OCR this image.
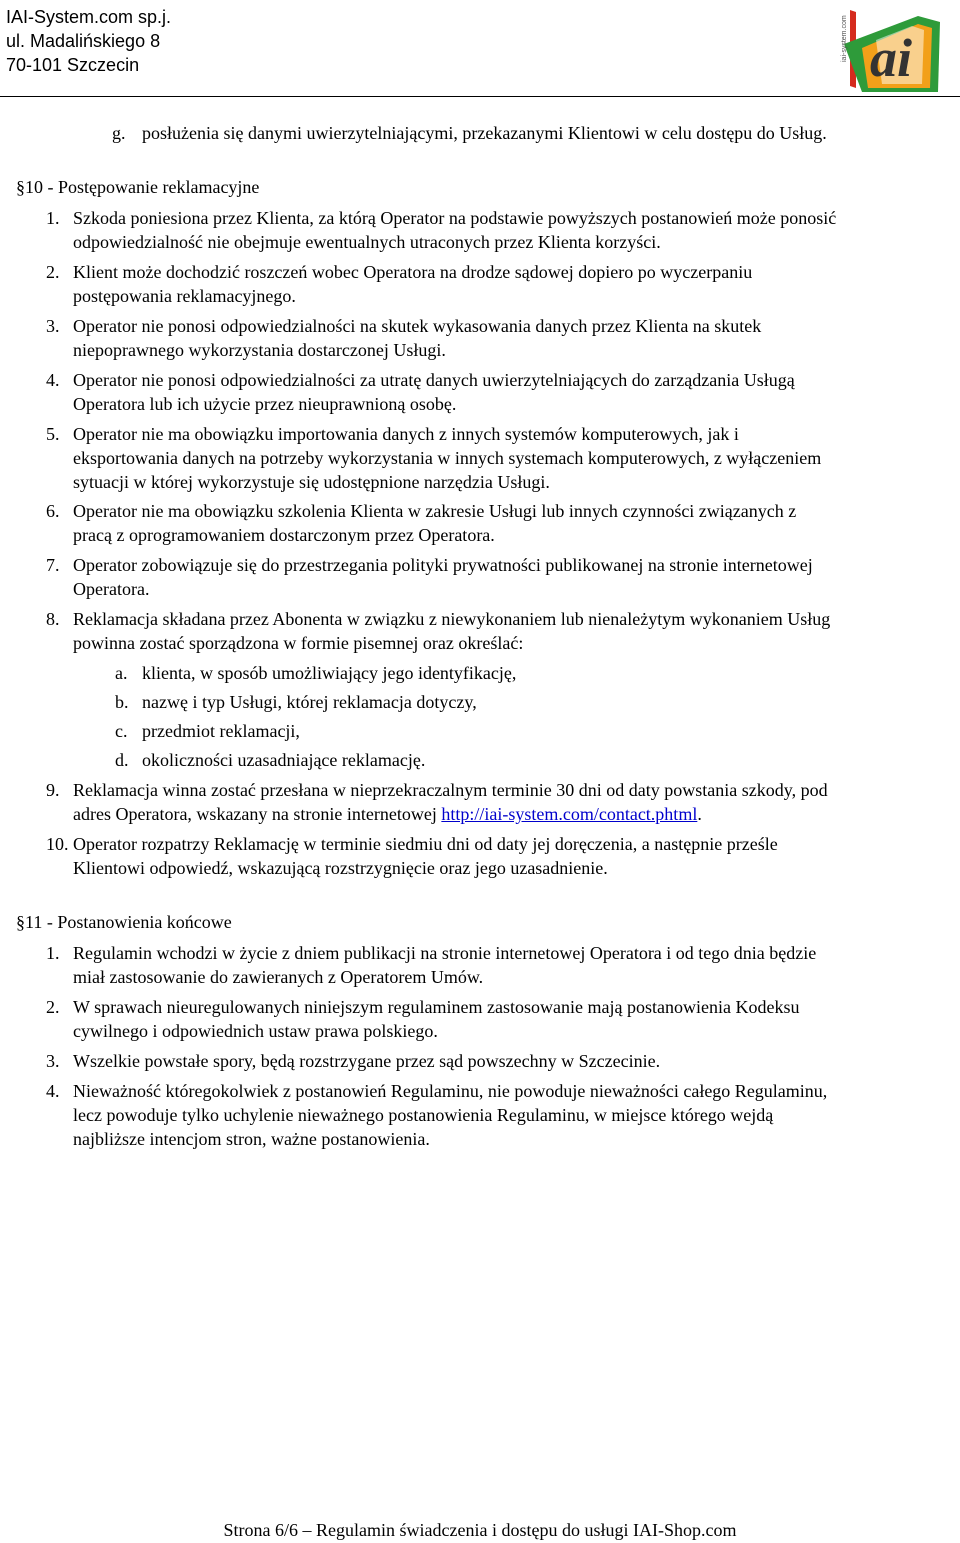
IAI-System.com sp.j.
ul. Madalińskiego 8
70-101 Szczecin	ai
iai-system.com
g. posłużenia się danymi uwierzytelniającymi, przekazanymi Klientowi w celu dostępu do Usług.
§10 - Postępowanie reklamacyjne
1. Szkoda poniesiona przez Klienta, za którą Operator na podstawie powyższych postanowień może ponosić
odpowiedzialność nie obejmuje ewentualnych utraconych przez Klienta korzyści.
2. Klient może dochodzić roszczeń wobec Operatora na drodze sądowej dopiero po wyczerpaniu
postępowania reklamacyjnego.
3. Operator nie ponosi odpowiedzialności na skutek wykasowania danych przez Klienta na skutek
niepoprawnego wykorzystania dostarczonej Usługi.
4. Operator nie ponosi odpowiedzialności za utratę danych uwierzytelniających do zarządzania Usługą
Operatora lub ich użycie przez nieuprawnioną osobę.
5. Operator nie ma obowiązku importowania danych z innych systemów komputerowych, jak i
eksportowania danych na potrzeby wykorzystania w innych systemach komputerowych, z wyłączeniem
sytuacji w której wykorzystuje się udostępnione narzędzia Usługi.
6. Operator nie ma obowiązku szkolenia Klienta w zakresie Usługi lub innych czynności związanych z
pracą z oprogramowaniem dostarczonym przez Operatora.
7. Operator zobowiązuje się do przestrzegania polityki prywatności publikowanej na stronie internetowej
Operatora.
8. Reklamacja składana przez Abonenta w związku z niewykonaniem lub nienależytym wykonaniem Usług
powinna zostać sporządzona w formie pisemnej oraz określać:
a. klienta, w sposób umożliwiający jego identyfikację,
b. nazwę i typ Usługi, której reklamacja dotyczy,
c. przedmiot reklamacji,
d. okoliczności uzasadniające reklamację.
9. Reklamacja winna zostać przesłana w nieprzekraczalnym terminie 30 dni od daty powstania szkody, pod
adres Operatora, wskazany na stronie internetowej http://iai-system.com/contact.phtml.
10. Operator rozpatrzy Reklamację w terminie siedmiu dni od daty jej doręczenia, a następnie prześle
Klientowi odpowiedź, wskazującą rozstrzygnięcie oraz jego uzasadnienie.
§11 - Postanowienia końcowe
1. Regulamin wchodzi w życie z dniem publikacji na stronie internetowej Operatora i od tego dnia będzie
miał zastosowanie do zawieranych z Operatorem Umów.
2. W sprawach nieuregulowanych niniejszym regulaminem zastosowanie mają postanowienia Kodeksu
cywilnego i odpowiednich ustaw prawa polskiego.
3. Wszelkie powstałe spory, będą rozstrzygane przez sąd powszechny w Szczecinie.
4. Nieważność któregokolwiek z postanowień Regulaminu, nie powoduje nieważności całego Regulaminu,
lecz powoduje tylko uchylenie nieważnego postanowienia Regulaminu, w miejsce którego wejdą
najbliższe intencjom stron, ważne postanowienia.
Strona 6/6 – Regulamin świadczenia i dostępu do usługi IAI-Shop.com
